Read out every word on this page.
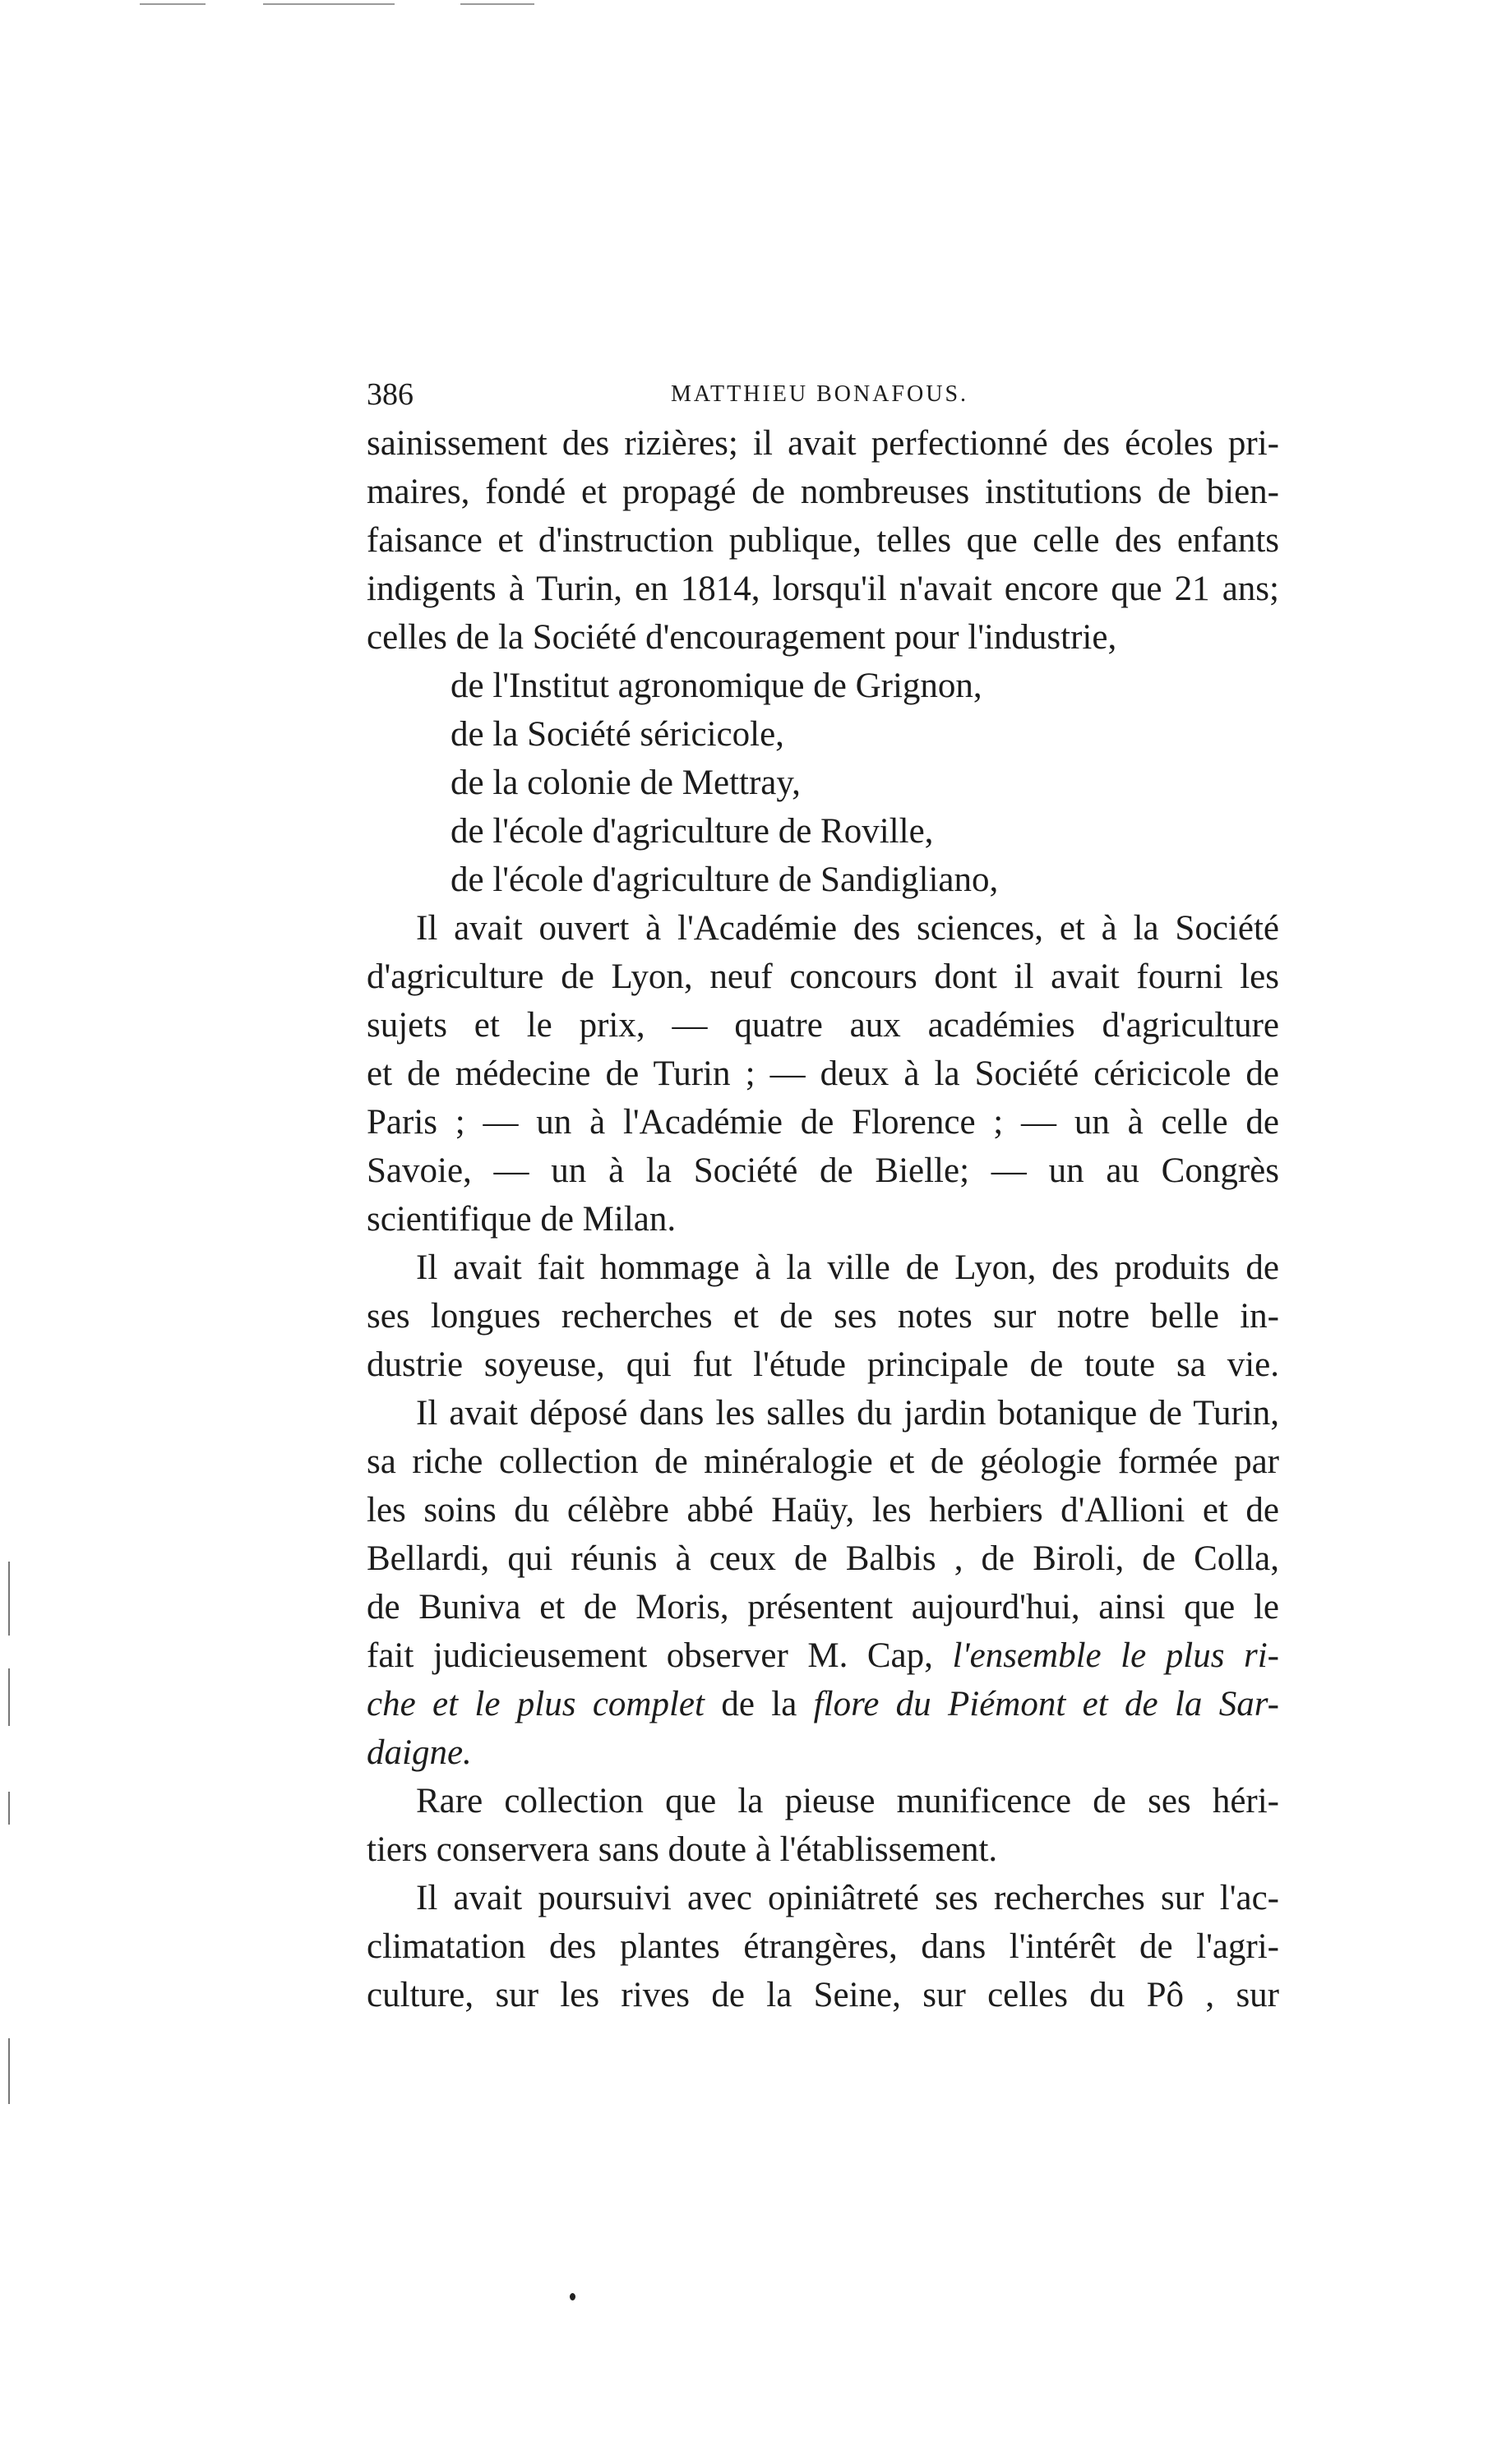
386	MATTHIEU BONAFOUS.
sainissement des rizières; il avait perfectionné des écoles pri-
maires, fondé et propagé de nombreuses institutions de bien-
faisance et d'instruction publique, telles que celle des enfants
indigents à Turin, en 1814, lorsqu'il n'avait encore que 21 ans;
celles de la Société d'encouragement pour l'industrie,
de l'Institut agronomique de Grignon,
de la Société séricicole,
de la colonie de Mettray,
de l'école d'agriculture de Roville,
de l'école d'agriculture de Sandigliano,
Il avait ouvert à l'Académie des sciences, et à la Société
d'agriculture de Lyon, neuf concours dont il avait fourni les
sujets et le prix, — quatre aux académies d'agriculture
et de médecine de Turin ; — deux à la Société céricicole de
Paris ; — un à l'Académie de Florence ; — un à celle de
Savoie, — un à la Société de Bielle; — un au Congrès
scientifique de Milan.
Il avait fait hommage à la ville de Lyon, des produits de
ses longues recherches et de ses notes sur notre belle in-
dustrie soyeuse, qui fut l'étude principale de toute sa vie.
Il avait déposé dans les salles du jardin botanique de Turin,
sa riche collection de minéralogie et de géologie formée par
les soins du célèbre abbé Haüy, les herbiers d'Allioni et de
Bellardi, qui réunis à ceux de Balbis , de Biroli, de Colla,
de Buniva et de Moris, présentent aujourd'hui, ainsi que le
fait judicieusement observer M. Cap, l'ensemble le plus ri-
che et le plus complet de la flore du Piémont et de la Sar-
daigne.
Rare collection que la pieuse munificence de ses héri-
tiers conservera sans doute à l'établissement.
Il avait poursuivi avec opiniâtreté ses recherches sur l'ac-
climatation des plantes étrangères, dans l'intérêt de l'agri-
culture, sur les rives de la Seine, sur celles du Pô , sur
